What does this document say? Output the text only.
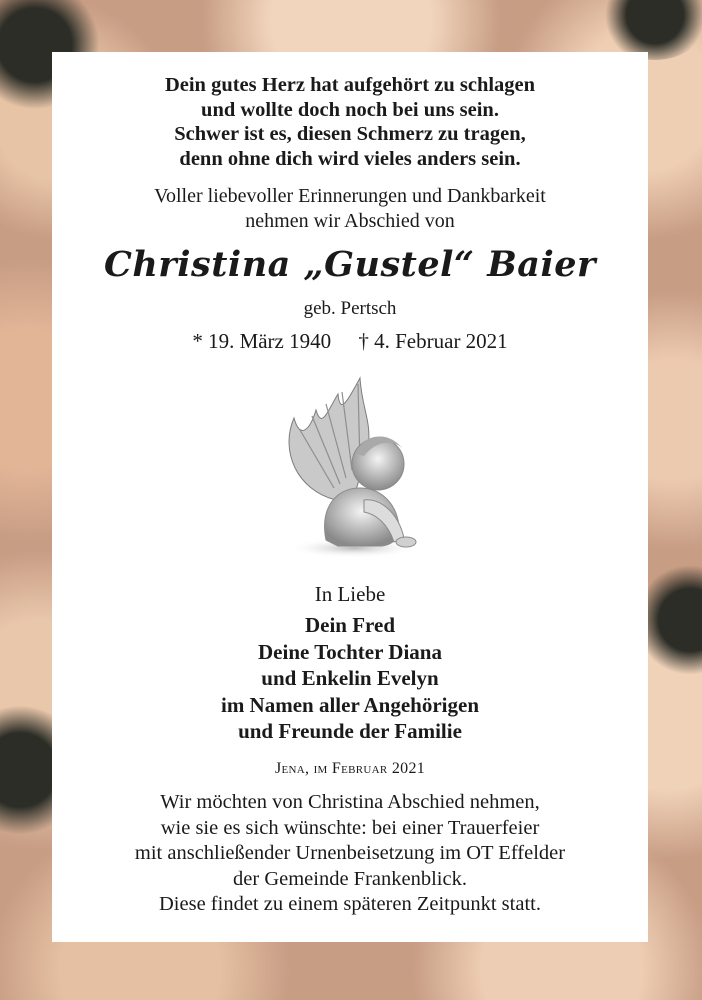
Dein gutes Herz hat aufgehört zu schlagen
und wollte doch noch bei uns sein.
Schwer ist es, diesen Schmerz zu tragen,
denn ohne dich wird vieles anders sein.
Voller liebevoller Erinnerungen und Dankbarkeit
nehmen wir Abschied von
Christina „Gustel“ Baier
geb. Pertsch
* 19. März 1940 † 4. Februar 2021
In Liebe
Dein Fred
Deine Tochter Diana
und Enkelin Evelyn
im Namen aller Angehörigen
und Freunde der Familie
Jena, im Februar 2021
Wir möchten von Christina Abschied nehmen,
wie sie es sich wünschte: bei einer Trauerfeier
mit anschließender Urnenbeisetzung im OT Effelder
der Gemeinde Frankenblick.
Diese findet zu einem späteren Zeitpunkt statt.
